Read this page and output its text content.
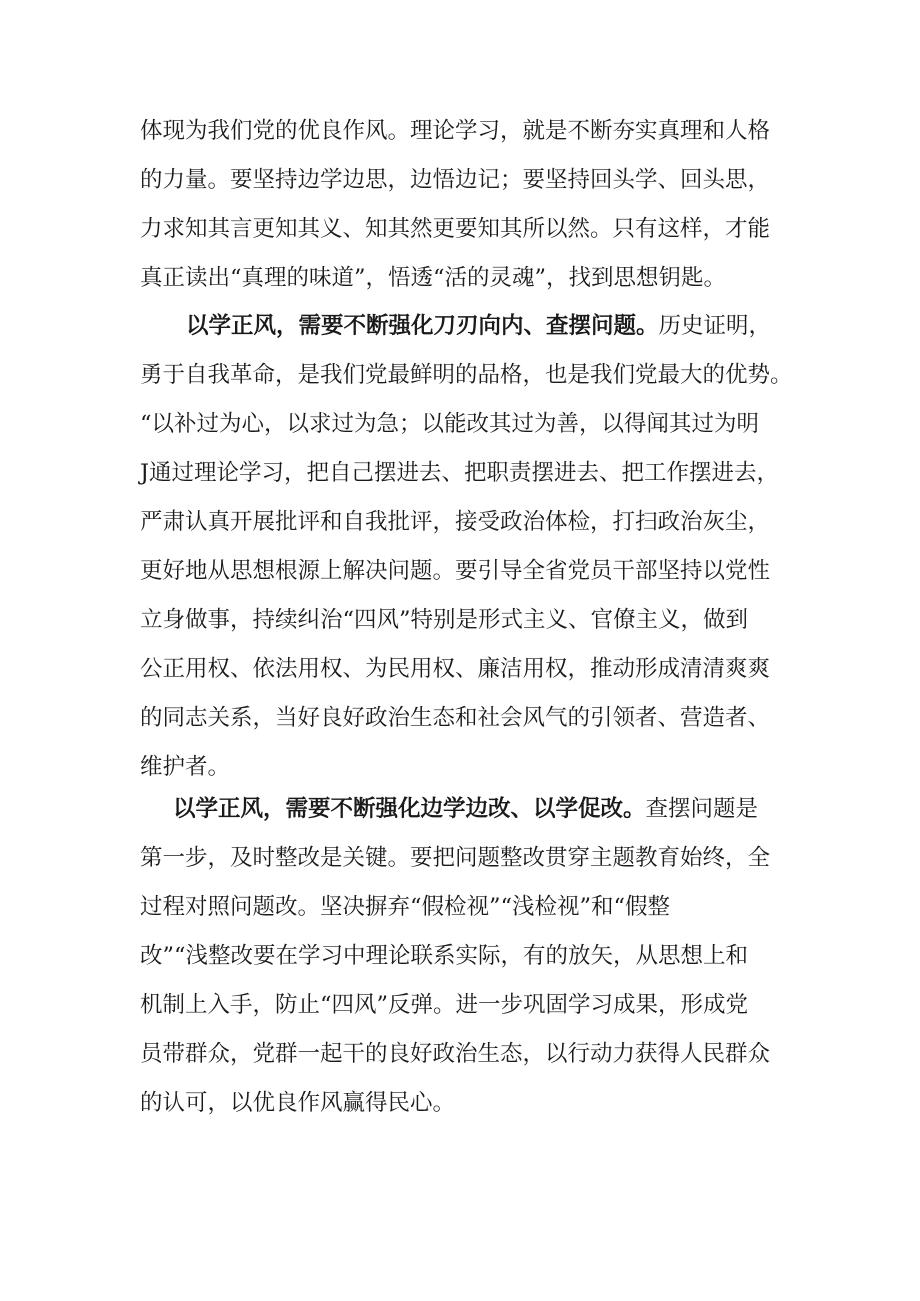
体现为我们党的优良作风。理论学习，就是不断夯实真理和人格
的力量。要坚持边学边思，边悟边记；要坚持回头学、回头思，
力求知其言更知其义、知其然更要知其所以然。只有这样，才能
真正读出“真理的味道”，悟透“活的灵魂”，找到思想钥匙。
以学正风，需要不断强化刀刃向内、查摆问题。历史证明，
勇于自我革命，是我们党最鲜明的品格，也是我们党最大的优势。
“以补过为心，以求过为急；以能改其过为善，以得闻其过为明
J通过理论学习，把自己摆进去、把职责摆进去、把工作摆进去，
严肃认真开展批评和自我批评，接受政治体检，打扫政治灰尘，
更好地从思想根源上解决问题。要引导全省党员干部坚持以党性
立身做事，持续纠治“四风”特别是形式主义、官僚主义，做到
公正用权、依法用权、为民用权、廉洁用权，推动形成清清爽爽
的同志关系，当好良好政治生态和社会风气的引领者、营造者、
维护者。
以学正风，需要不断强化边学边改、以学促改。查摆问题是
第一步，及时整改是关键。要把问题整改贯穿主题教育始终，全
过程对照问题改。坚决摒弃“假检视”“浅检视”和“假整
改”“浅整改要在学习中理论联系实际，有的放矢，从思想上和
机制上入手，防止“四风”反弹。进一步巩固学习成果，形成党
员带群众，党群一起干的良好政治生态，以行动力获得人民群众
的认可，以优良作风赢得民心。
